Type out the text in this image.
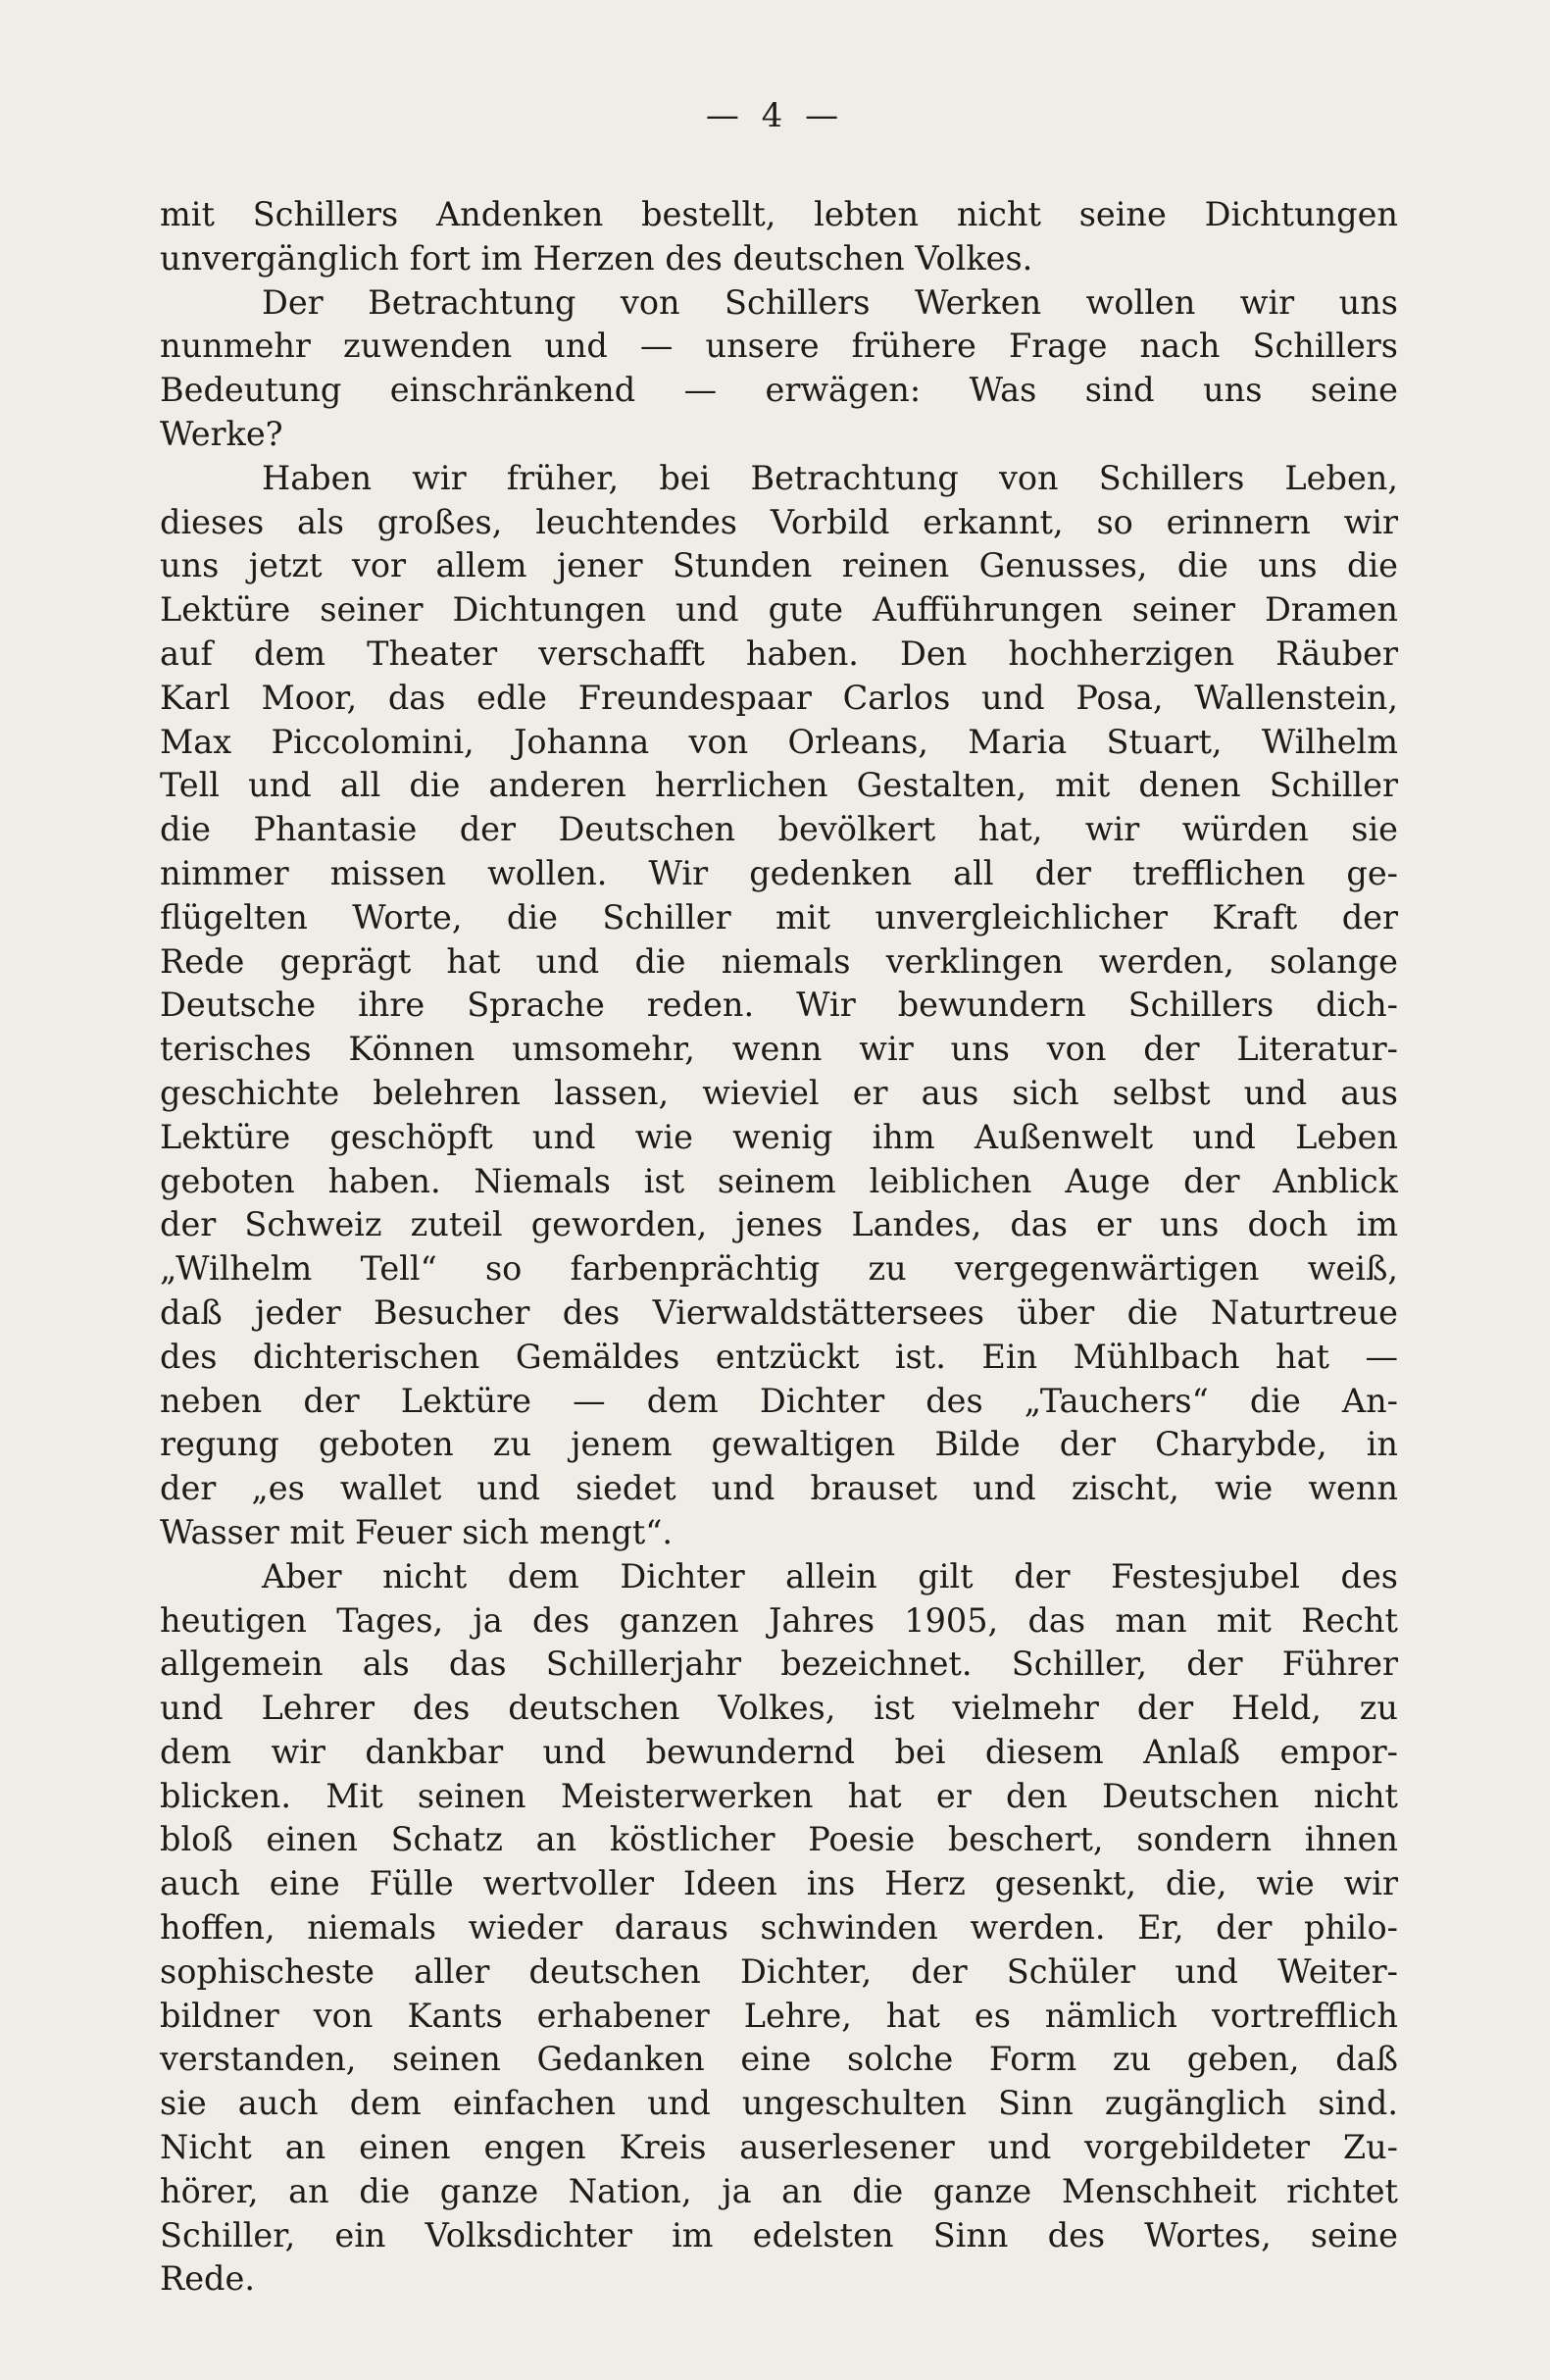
— 4 —
mit Schillers Andenken bestellt, lebten nicht seine Dichtungen
unvergänglich fort im Herzen des deutschen Volkes.
Der Betrachtung von Schillers Werken wollen wir uns
nunmehr zuwenden und — unsere frühere Frage nach Schillers
Bedeutung einschränkend — erwägen: Was sind uns seine
Werke?
Haben wir früher, bei Betrachtung von Schillers Leben,
dieses als großes, leuchtendes Vorbild erkannt, so erinnern wir
uns jetzt vor allem jener Stunden reinen Genusses, die uns die
Lektüre seiner Dichtungen und gute Aufführungen seiner Dramen
auf dem Theater verschafft haben. Den hochherzigen Räuber
Karl Moor, das edle Freundespaar Carlos und Posa, Wallenstein,
Max Piccolomini, Johanna von Orleans, Maria Stuart, Wilhelm
Tell und all die anderen herrlichen Gestalten, mit denen Schiller
die Phantasie der Deutschen bevölkert hat, wir würden sie
nimmer missen wollen. Wir gedenken all der trefflichen ge-
flügelten Worte, die Schiller mit unvergleichlicher Kraft der
Rede geprägt hat und die niemals verklingen werden, solange
Deutsche ihre Sprache reden. Wir bewundern Schillers dich-
terisches Können umsomehr, wenn wir uns von der Literatur-
geschichte belehren lassen, wieviel er aus sich selbst und aus
Lektüre geschöpft und wie wenig ihm Außenwelt und Leben
geboten haben. Niemals ist seinem leiblichen Auge der Anblick
der Schweiz zuteil geworden, jenes Landes, das er uns doch im
„Wilhelm Tell“ so farbenprächtig zu vergegenwärtigen weiß,
daß jeder Besucher des Vierwaldstättersees über die Naturtreue
des dichterischen Gemäldes entzückt ist. Ein Mühlbach hat —
neben der Lektüre — dem Dichter des „Tauchers“ die An-
regung geboten zu jenem gewaltigen Bilde der Charybde, in
der „es wallet und siedet und brauset und zischt, wie wenn
Wasser mit Feuer sich mengt“.
Aber nicht dem Dichter allein gilt der Festesjubel des
heutigen Tages, ja des ganzen Jahres 1905, das man mit Recht
allgemein als das Schillerjahr bezeichnet. Schiller, der Führer
und Lehrer des deutschen Volkes, ist vielmehr der Held, zu
dem wir dankbar und bewundernd bei diesem Anlaß empor-
blicken. Mit seinen Meisterwerken hat er den Deutschen nicht
bloß einen Schatz an köstlicher Poesie beschert, sondern ihnen
auch eine Fülle wertvoller Ideen ins Herz gesenkt, die, wie wir
hoffen, niemals wieder daraus schwinden werden. Er, der philo-
sophischeste aller deutschen Dichter, der Schüler und Weiter-
bildner von Kants erhabener Lehre, hat es nämlich vortrefflich
verstanden, seinen Gedanken eine solche Form zu geben, daß
sie auch dem einfachen und ungeschulten Sinn zugänglich sind.
Nicht an einen engen Kreis auserlesener und vorgebildeter Zu-
hörer, an die ganze Nation, ja an die ganze Menschheit richtet
Schiller, ein Volksdichter im edelsten Sinn des Wortes, seine
Rede.
